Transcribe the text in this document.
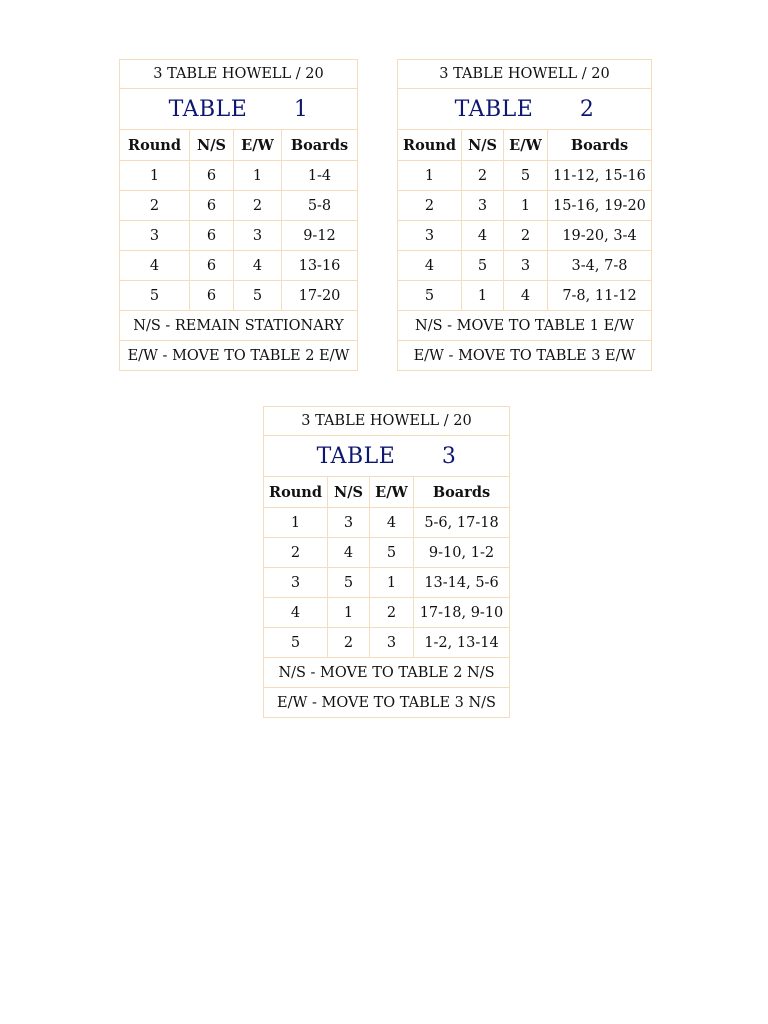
3 TABLE HOWELL / 20			
TABLE   1			
Round	N/S	E/W	Boards
1	6	1	1-4
2	6	2	5-8
3	6	3	9-12
4	6	4	13-16
5	6	5	17-20
N/S - REMAIN STATIONARY			
E/W - MOVE TO TABLE 2 E/W			
3 TABLE HOWELL / 20			
TABLE   2			
Round	N/S	E/W	Boards
1	2	5	11-12, 15-16
2	3	1	15-16, 19-20
3	4	2	19-20, 3-4
4	5	3	3-4, 7-8
5	1	4	7-8, 11-12
N/S - MOVE TO TABLE 1 E/W			
E/W - MOVE TO TABLE 3 E/W			
3 TABLE HOWELL / 20			
TABLE   3			
Round	N/S	E/W	Boards
1	3	4	5-6, 17-18
2	4	5	9-10, 1-2
3	5	1	13-14, 5-6
4	1	2	17-18, 9-10
5	2	3	1-2, 13-14
N/S - MOVE TO TABLE 2 N/S			
E/W - MOVE TO TABLE 3 N/S			
